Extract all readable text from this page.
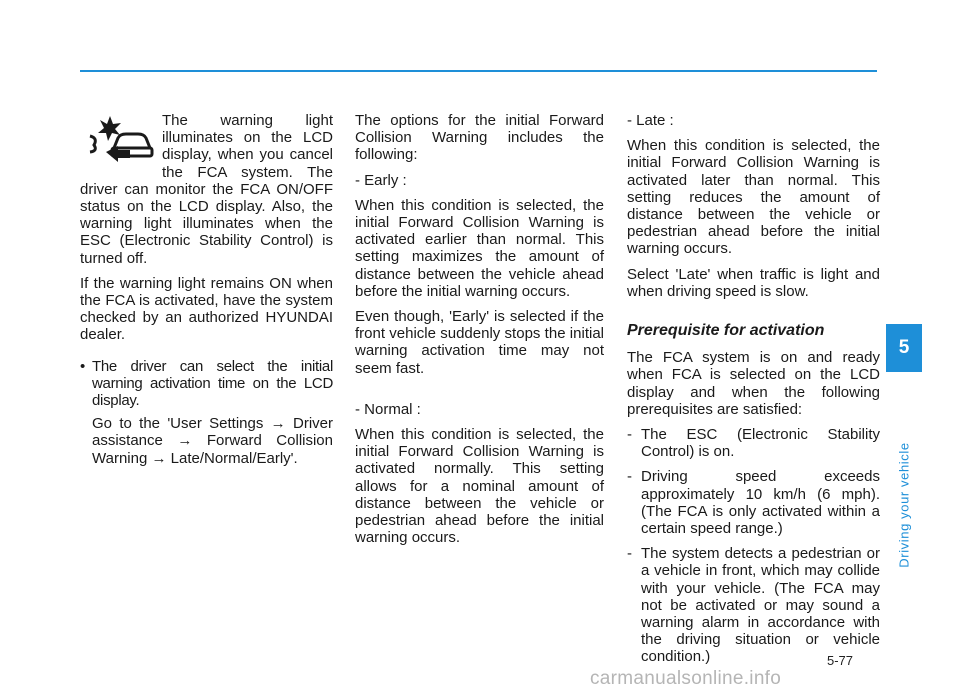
The warning light illuminates on the LCD display, when you cancel the FCA system. The driver can monitor the FCA ON/OFF status on the LCD display. Also, the warning light illuminates when the ESC (Electronic Stability Control) is turned off.

If the warning light remains ON when the FCA is activated, have the system checked by an authorized HYUNDAI dealer.

• The driver can select the initial warning activation time on the LCD display.

Go to the 'User Settings → Driver assistance → Forward Collision Warning → Late/Normal/Early'.

The options for the initial Forward Collision Warning includes the following:

- Early :

When this condition is selected, the initial Forward Collision Warning is activated earlier than normal. This setting maximizes the amount of distance between the vehicle ahead before the initial warning occurs.

Even though, 'Early' is selected if the front vehicle suddenly stops the initial warning activation time may not seem fast.

- Normal :

When this condition is selected, the initial Forward Collision Warning is activated normally. This setting allows for a nominal amount of distance between the vehicle or pedestrian ahead before the initial warning occurs.

- Late :

When this condition is selected, the initial Forward Collision Warning is activated later than normal. This setting reduces the amount of distance between the vehicle or pedestrian ahead before the initial warning occurs.

Select 'Late' when traffic is light and when driving speed is slow.

Prerequisite for activation

The FCA system is on and ready when FCA is selected on the LCD display and when the following prerequisites are satisfied:

- The ESC (Electronic Stability Control) is on.
- Driving speed exceeds approximately 10 km/h (6 mph). (The FCA is only activated within a certain speed range.)
- The system detects a pedestrian or a vehicle in front, which may collide with your vehicle. (The FCA may not be activated or may sound a warning alarm in accordance with the driving situation or vehicle condition.)
5
Driving your vehicle
5-77
carmanualsonline.info
